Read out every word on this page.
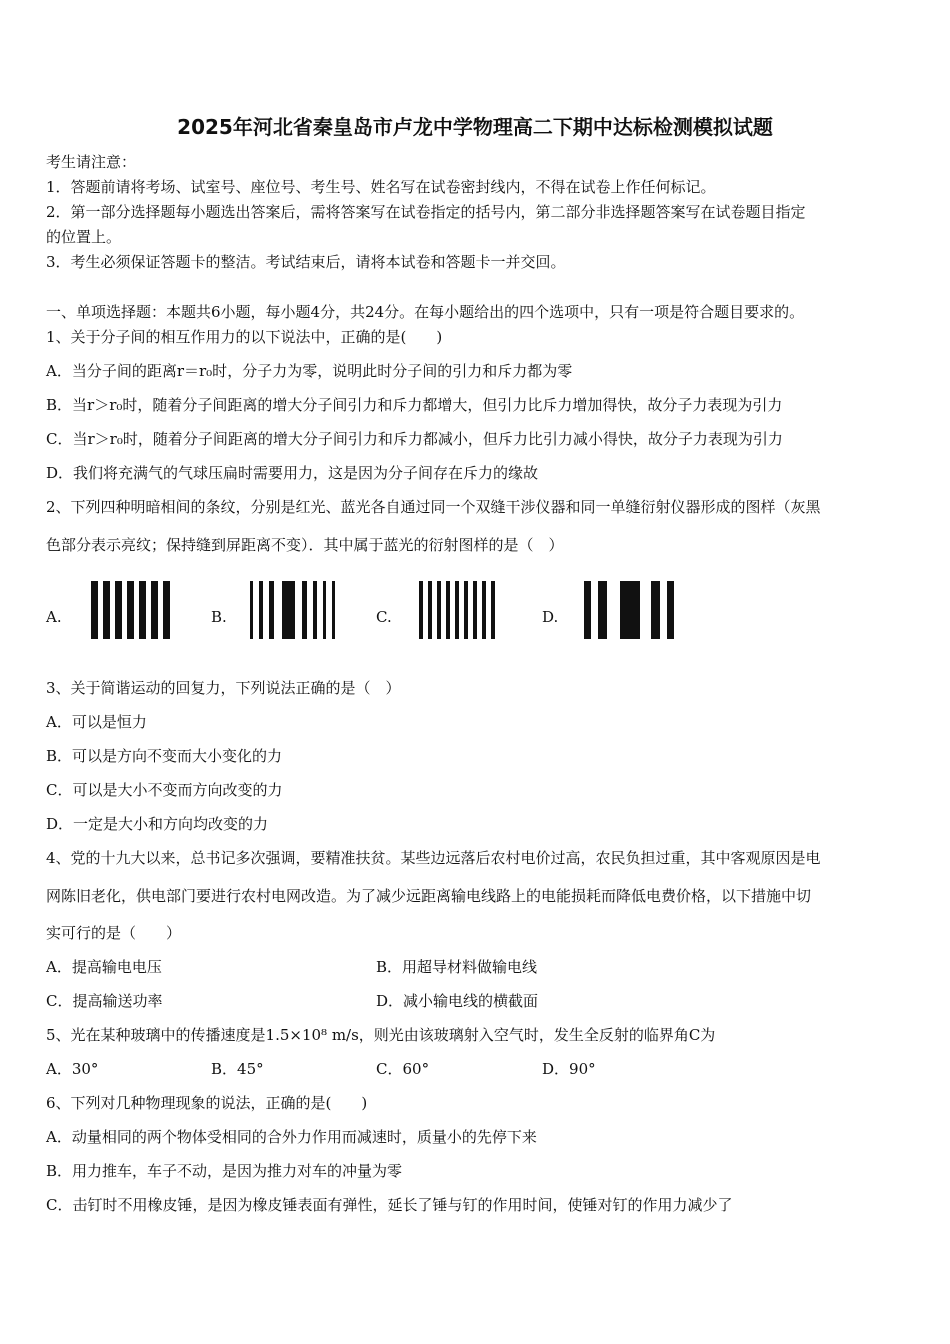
2025年河北省秦皇岛市卢龙中学物理高二下期中达标检测模拟试题
考生请注意：
1．答题前请将考场、试室号、座位号、考生号、姓名写在试卷密封线内，不得在试卷上作任何标记。
2．第一部分选择题每小题选出答案后，需将答案写在试卷指定的括号内，第二部分非选择题答案写在试卷题目指定
的位置上。
3．考生必须保证答题卡的整洁。考试结束后，请将本试卷和答题卡一并交回。
一、单项选择题：本题共6小题，每小题4分，共24分。在每小题给出的四个选项中，只有一项是符合题目要求的。
1、关于分子间的相互作用力的以下说法中，正确的是(　　)
A．当分子间的距离r＝r₀时，分子力为零，说明此时分子间的引力和斥力都为零
B．当r＞r₀时，随着分子间距离的增大分子间引力和斥力都增大，但引力比斥力增加得快，故分子力表现为引力
C．当r＞r₀时，随着分子间距离的增大分子间引力和斥力都减小，但斥力比引力减小得快，故分子力表现为引力
D．我们将充满气的气球压扁时需要用力，这是因为分子间存在斥力的缘故
2、下列四种明暗相间的条纹，分别是红光、蓝光各自通过同一个双缝干涉仪器和同一单缝衍射仪器形成的图样（灰黑
色部分表示亮纹；保持缝到屏距离不变）．其中属于蓝光的衍射图样的是（　）
A.	B.	C.	D.
3、关于简谐运动的回复力，下列说法正确的是（　）
A．可以是恒力
B．可以是方向不变而大小变化的力
C．可以是大小不变而方向改变的力
D．一定是大小和方向均改变的力
4、党的十九大以来，总书记多次强调，要精准扶贫。某些边远落后农村电价过高，农民负担过重，其中客观原因是电
网陈旧老化，供电部门要进行农村电网改造。为了减少远距离输电线路上的电能损耗而降低电费价格，以下措施中切
实可行的是（　　）
A．提高输电电压	B．用超导材料做输电线
C．提高输送功率	D．减小输电线的横截面
5、光在某种玻璃中的传播速度是1.5×10⁸ m/s，则光由该玻璃射入空气时，发生全反射的临界角C为
A．30°	B．45°	C．60°	D．90°
6、下列对几种物理现象的说法，正确的是(　　)
A．动量相同的两个物体受相同的合外力作用而减速时，质量小的先停下来
B．用力推车，车子不动，是因为推力对车的冲量为零
C．击钉时不用橡皮锤，是因为橡皮锤表面有弹性，延长了锤与钉的作用时间，使锤对钉的作用力减少了
